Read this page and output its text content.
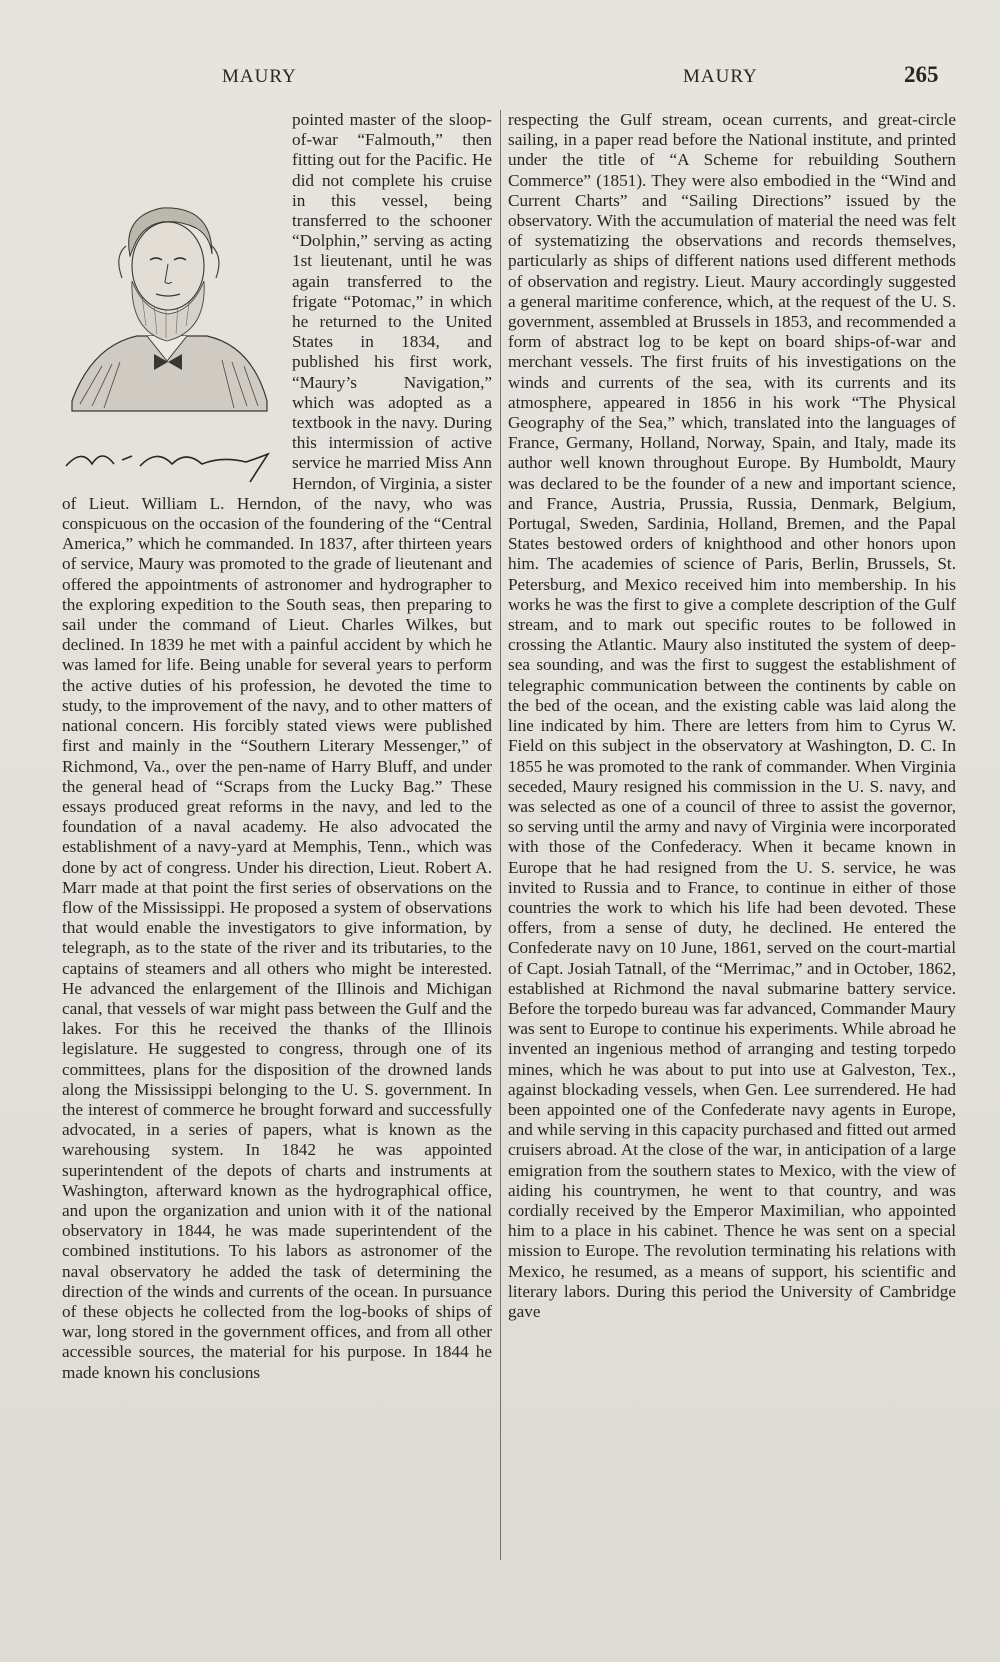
MAURY	MAURY	265

pointed master of the sloop-of-war “Falmouth,” then fitting out for the Pacific. He did not complete his cruise in this vessel, being transferred to the schooner “Dolphin,” serving as acting 1st lieutenant, until he was again transferred to the frigate “Potomac,” in which he returned to the United States in 1834, and published his first work, “Maury’s Navigation,” which was adopted as a textbook in the navy. During this intermission of active service he married Miss Ann Herndon, of Virginia, a sister of Lieut. William L. Herndon, of the navy, who was conspicuous on the occasion of the foundering of the “Central America,” which he commanded. In 1837, after thirteen years of service, Maury was promoted to the grade of lieutenant and offered the appointments of astronomer and hydrographer to the exploring expedition to the South seas, then preparing to sail under the command of Lieut. Charles Wilkes, but declined. In 1839 he met with a painful accident by which he was lamed for life. Being unable for several years to perform the active duties of his profession, he devoted the time to study, to the improvement of the navy, and to other matters of national concern. His forcibly stated views were published first and mainly in the “Southern Literary Messenger,” of Richmond, Va., over the pen-name of Harry Bluff, and under the general head of “Scraps from the Lucky Bag.” These essays produced great reforms in the navy, and led to the foundation of a naval academy. He also advocated the establishment of a navy-yard at Memphis, Tenn., which was done by act of congress. Under his direction, Lieut. Robert A. Marr made at that point the first series of observations on the flow of the Mississippi. He proposed a system of observations that would enable the investigators to give information, by telegraph, as to the state of the river and its tributaries, to the captains of steamers and all others who might be interested. He advanced the enlargement of the Illinois and Michigan canal, that vessels of war might pass between the Gulf and the lakes. For this he received the thanks of the Illinois legislature. He suggested to congress, through one of its committees, plans for the disposition of the drowned lands along the Mississippi belonging to the U. S. government. In the interest of commerce he brought forward and successfully advocated, in a series of papers, what is known as the warehousing system. In 1842 he was appointed superintendent of the depots of charts and instruments at Washington, afterward known as the hydrographical office, and upon the organization and union with it of the national observatory in 1844, he was made superintendent of the combined institutions. To his labors as astronomer of the naval observatory he added the task of determining the direction of the winds and currents of the ocean. In pursuance of these objects he collected from the log-books of ships of war, long stored in the government offices, and from all other accessible sources, the material for his purpose. In 1844 he made known his conclusions

respecting the Gulf stream, ocean currents, and great-circle sailing, in a paper read before the National institute, and printed under the title of “A Scheme for rebuilding Southern Commerce” (1851). They were also embodied in the “Wind and Current Charts” and “Sailing Directions” issued by the observatory. With the accumulation of material the need was felt of systematizing the observations and records themselves, particularly as ships of different nations used different methods of observation and registry. Lieut. Maury accordingly suggested a general maritime conference, which, at the request of the U. S. government, assembled at Brussels in 1853, and recommended a form of abstract log to be kept on board ships-of-war and merchant vessels. The first fruits of his investigations on the winds and currents of the sea, with its currents and its atmosphere, appeared in 1856 in his work “The Physical Geography of the Sea,” which, translated into the languages of France, Germany, Holland, Norway, Spain, and Italy, made its author well known throughout Europe. By Humboldt, Maury was declared to be the founder of a new and important science, and France, Austria, Prussia, Russia, Denmark, Belgium, Portugal, Sweden, Sardinia, Holland, Bremen, and the Papal States bestowed orders of knighthood and other honors upon him. The academies of science of Paris, Berlin, Brussels, St. Petersburg, and Mexico received him into membership. In his works he was the first to give a complete description of the Gulf stream, and to mark out specific routes to be followed in crossing the Atlantic. Maury also instituted the system of deep-sea sounding, and was the first to suggest the establishment of telegraphic communication between the continents by cable on the bed of the ocean, and the existing cable was laid along the line indicated by him. There are letters from him to Cyrus W. Field on this subject in the observatory at Washington, D. C. In 1855 he was promoted to the rank of commander. When Virginia seceded, Maury resigned his commission in the U. S. navy, and was selected as one of a council of three to assist the governor, so serving until the army and navy of Virginia were incorporated with those of the Confederacy. When it became known in Europe that he had resigned from the U. S. service, he was invited to Russia and to France, to continue in either of those countries the work to which his life had been devoted. These offers, from a sense of duty, he declined. He entered the Confederate navy on 10 June, 1861, served on the court-martial of Capt. Josiah Tatnall, of the “Merrimac,” and in October, 1862, established at Richmond the naval submarine battery service. Before the torpedo bureau was far advanced, Commander Maury was sent to Europe to continue his experiments. While abroad he invented an ingenious method of arranging and testing torpedo mines, which he was about to put into use at Galveston, Tex., against blockading vessels, when Gen. Lee surrendered. He had been appointed one of the Confederate navy agents in Europe, and while serving in this capacity purchased and fitted out armed cruisers abroad. At the close of the war, in anticipation of a large emigration from the southern states to Mexico, with the view of aiding his countrymen, he went to that country, and was cordially received by the Emperor Maximilian, who appointed him to a place in his cabinet. Thence he was sent on a special mission to Europe. The revolution terminating his relations with Mexico, he resumed, as a means of support, his scientific and literary labors. During this period the University of Cambridge gave
